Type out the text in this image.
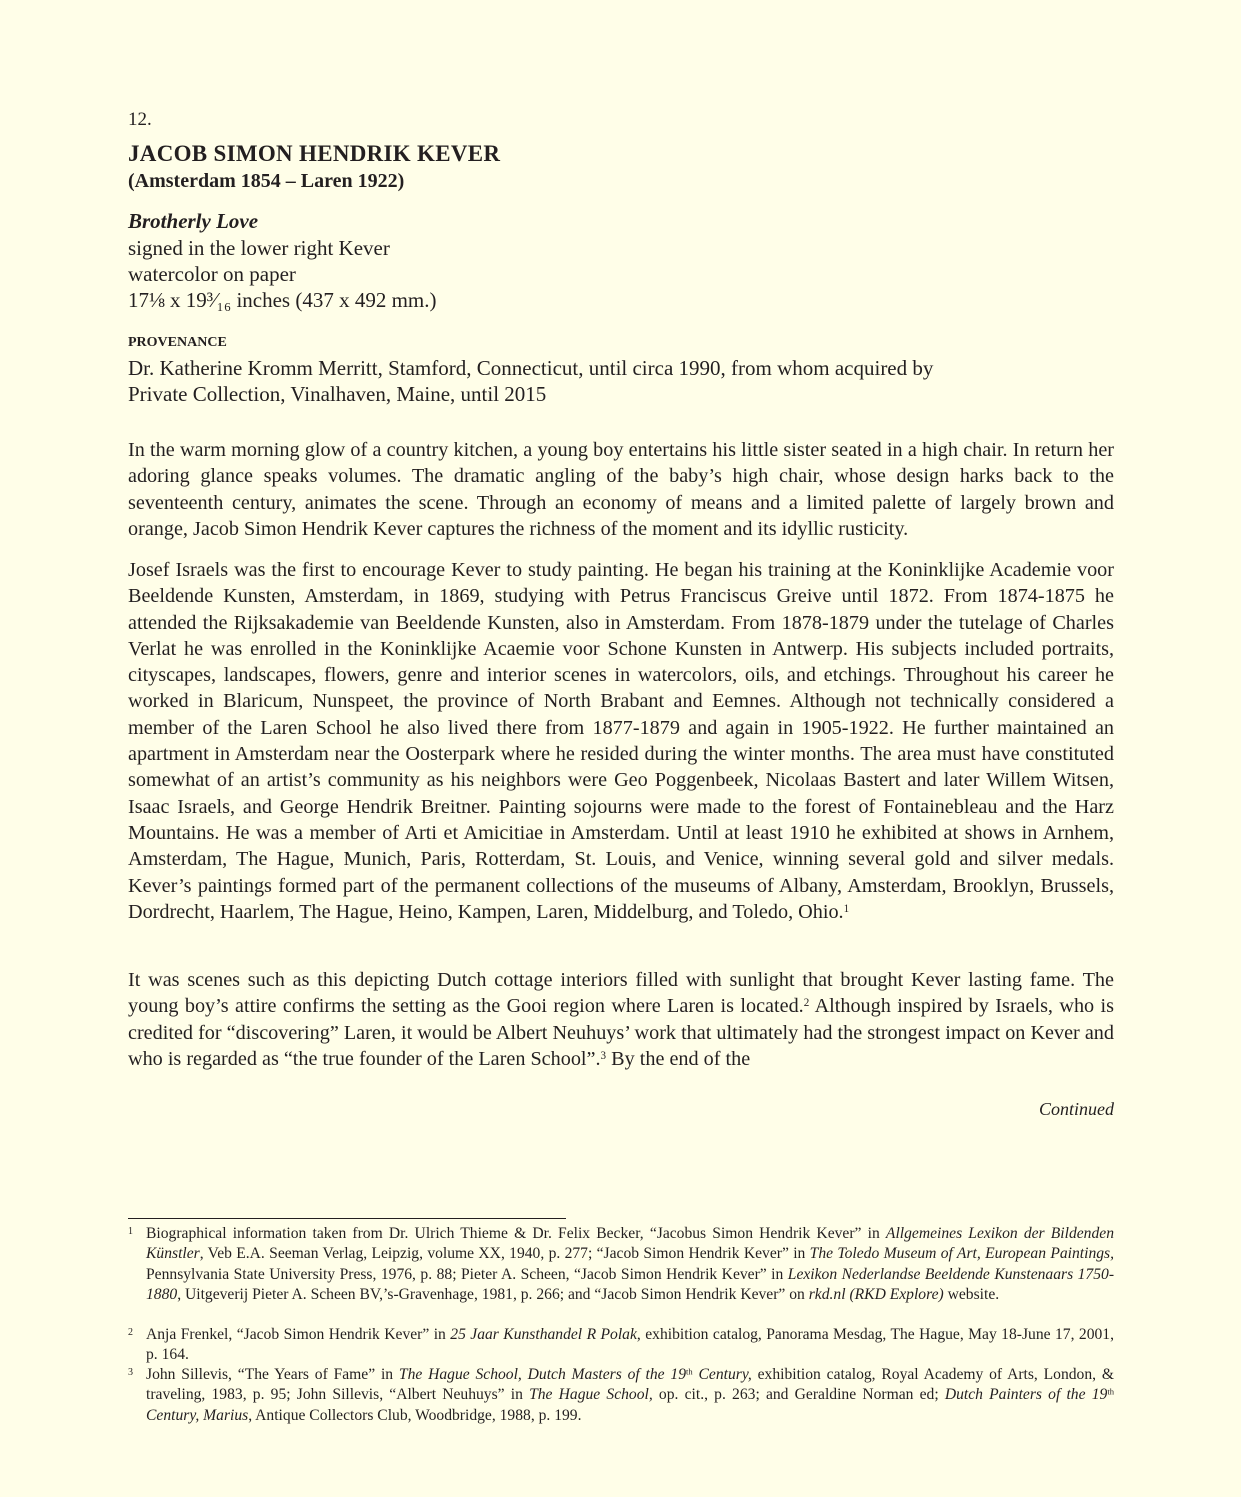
12.
JACOB SIMON HENDRIK KEVER
(Amsterdam 1854 – Laren 1922)
Brotherly Love
signed in the lower right Kever
watercolor on paper
17⅛ x 19³⁄₁₆ inches (437 x 492 mm.)
PROVENANCE
Dr. Katherine Kromm Merritt, Stamford, Connecticut, until circa 1990, from whom acquired by
Private Collection, Vinalhaven, Maine, until 2015
In the warm morning glow of a country kitchen, a young boy entertains his little sister seated in a high chair. In return her adoring glance speaks volumes. The dramatic angling of the baby’s high chair, whose design harks back to the seventeenth century, animates the scene. Through an economy of means and a limited palette of largely brown and orange, Jacob Simon Hendrik Kever captures the richness of the moment and its idyllic rusticity.
Josef Israels was the first to encourage Kever to study painting. He began his training at the Koninklijke Academie voor Beeldende Kunsten, Amsterdam, in 1869, studying with Petrus Franciscus Greive until 1872. From 1874-1875 he attended the Rijksakademie van Beeldende Kunsten, also in Amsterdam. From 1878-1879 under the tutelage of Charles Verlat he was enrolled in the Koninklijke Acaemie voor Schone Kunsten in Antwerp. His subjects included portraits, cityscapes, landscapes, flowers, genre and interior scenes in watercolors, oils, and etchings. Throughout his career he worked in Blaricum, Nunspeet, the province of North Brabant and Eemnes. Although not technically considered a member of the Laren School he also lived there from 1877-1879 and again in 1905-1922. He further maintained an apartment in Amsterdam near the Oosterpark where he resided during the winter months. The area must have constituted somewhat of an artist’s community as his neighbors were Geo Poggenbeek, Nicolaas Bastert and later Willem Witsen, Isaac Israels, and George Hendrik Breitner. Painting sojourns were made to the forest of Fontainebleau and the Harz Mountains. He was a member of Arti et Amicitiae in Amsterdam. Until at least 1910 he exhibited at shows in Arnhem, Amsterdam, The Hague, Munich, Paris, Rotterdam, St. Louis, and Venice, winning several gold and silver medals. Kever’s paintings formed part of the permanent collections of the museums of Albany, Amsterdam, Brooklyn, Brussels, Dordrecht, Haarlem, The Hague, Heino, Kampen, Laren, Middelburg, and Toledo, Ohio.$^1$
It was scenes such as this depicting Dutch cottage interiors filled with sunlight that brought Kever lasting fame. The young boy’s attire confirms the setting as the Gooi region where Laren is located.$^2$ Although inspired by Israels, who is credited for “discovering” Laren, it would be Albert Neuhuys’ work that ultimately had the strongest impact on Kever and who is regarded as “the true founder of the Laren School”.$^3$ By the end of the
Continued
1 Biographical information taken from Dr. Ulrich Thieme & Dr. Felix Becker, “Jacobus Simon Hendrik Kever” in Allgemeines Lexikon der Bildenden Künstler, Veb E.A. Seeman Verlag, Leipzig, volume XX, 1940, p. 277; “Jacob Simon Hendrik Kever” in The Toledo Museum of Art, European Paintings, Pennsylvania State University Press, 1976, p. 88; Pieter A. Scheen, “Jacob Simon Hendrik Kever” in Lexikon Nederlandse Beeldende Kunstenaars 1750-1880, Uitgeverij Pieter A. Scheen BV,’s-Gravenhage, 1981, p. 266; and “Jacob Simon Hendrik Kever” on rkd.nl (RKD Explore) website.
2 Anja Frenkel, “Jacob Simon Hendrik Kever” in 25 Jaar Kunsthandel R Polak, exhibition catalog, Panorama Mesdag, The Hague, May 18-June 17, 2001, p. 164.
3 John Sillevis, “The Years of Fame” in The Hague School, Dutch Masters of the 19th Century, exhibition catalog, Royal Academy of Arts, London, & traveling, 1983, p. 95; John Sillevis, “Albert Neuhuys” in The Hague School, op. cit., p. 263; and Geraldine Norman ed; Dutch Painters of the 19th Century, Marius, Antique Collectors Club, Woodbridge, 1988, p. 199.
